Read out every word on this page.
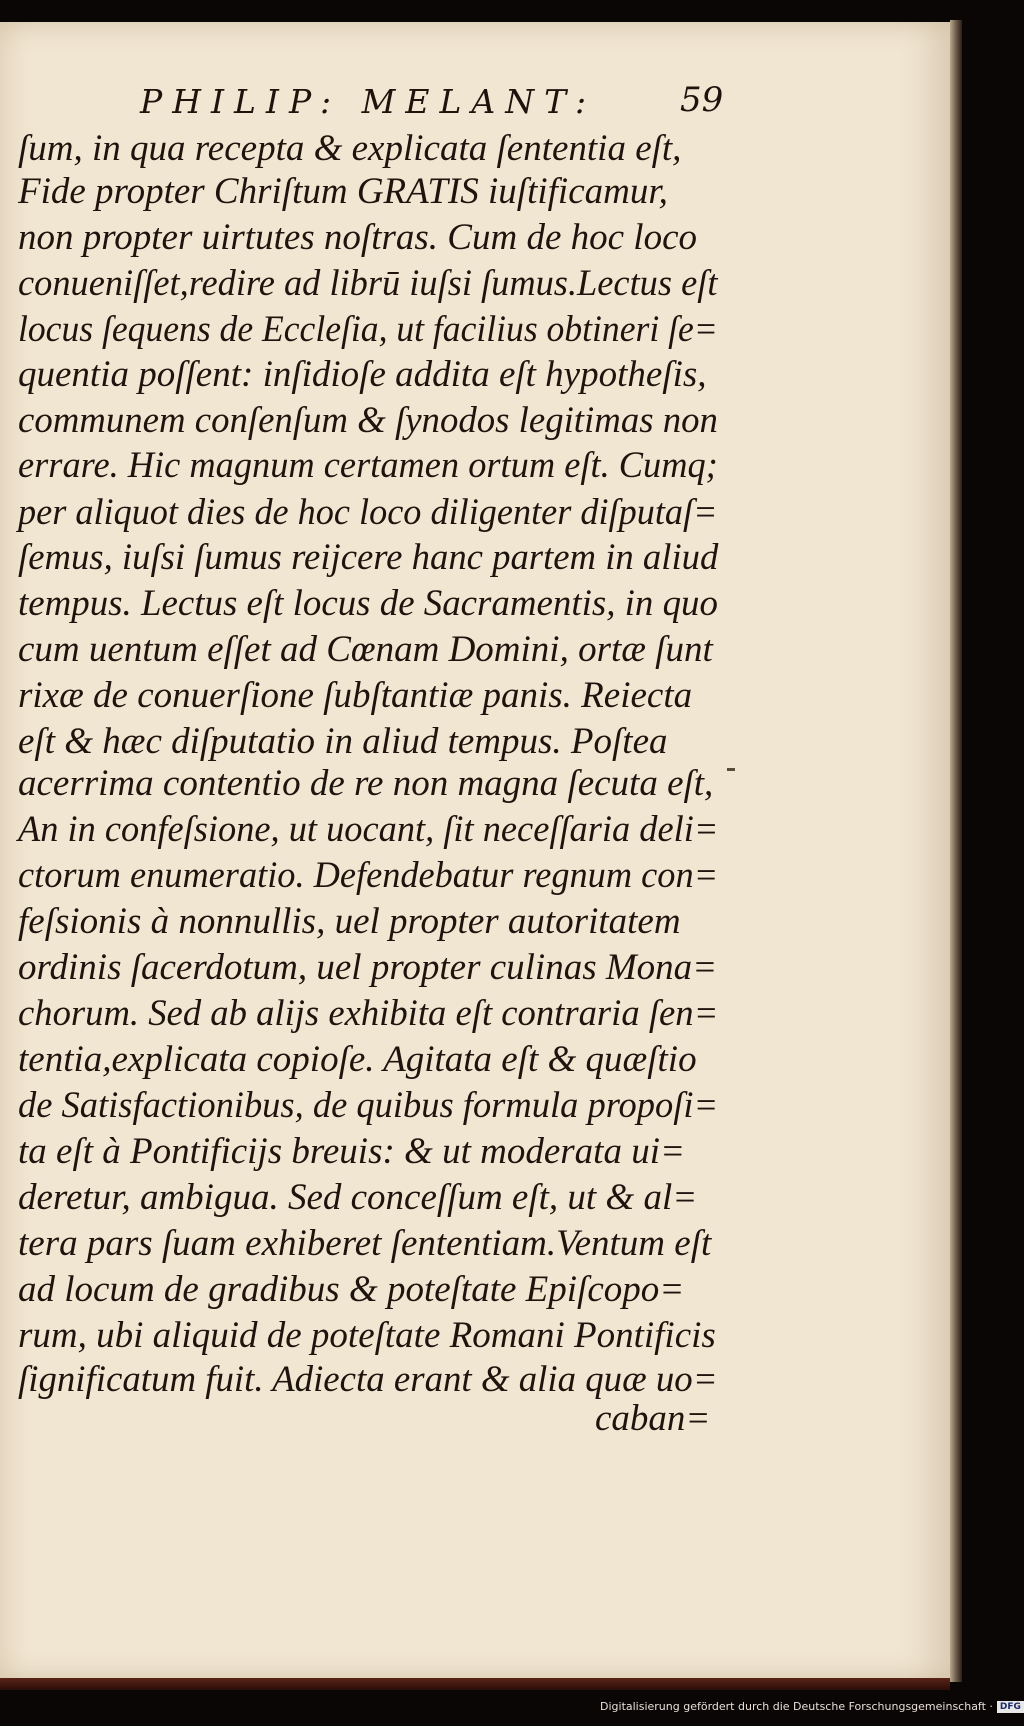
PHILIP: MELANT: 59
ſum, in qua recepta & explicata ſententia eſt,
Fide propter Chriſtum GRATIS iuſtificamur,
non propter uirtutes noſtras. Cum de hoc loco
conueniſſet,redire ad librū iuſsi ſumus.Lectus eſt
locus ſequens de Eccleſia, ut facilius obtineri ſe=
quentia poſſent: inſidioſe addita eſt hypotheſis,
communem conſenſum & ſynodos legitimas non
errare. Hic magnum certamen ortum eſt. Cumq;
per aliquot dies de hoc loco diligenter diſputaſ=
ſemus, iuſsi ſumus reijcere hanc partem in aliud
tempus. Lectus eſt locus de Sacramentis, in quo
cum uentum eſſet ad Cœnam Domini, ortæ ſunt
rixæ de conuerſione ſubſtantiæ panis. Reiecta
eſt & hæc diſputatio in aliud tempus. Poſtea
acerrima contentio de re non magna ſecuta eſt,
An in confeſsione, ut uocant, ſit neceſſaria deli=
ctorum enumeratio. Defendebatur regnum con=
feſsionis à nonnullis, uel propter autoritatem
ordinis ſacerdotum, uel propter culinas Mona=
chorum. Sed ab alijs exhibita eſt contraria ſen=
tentia,explicata copioſe. Agitata eſt & quæſtio
de Satisfactionibus, de quibus formula propoſi=
ta eſt à Pontificijs breuis: & ut moderata ui=
deretur, ambigua. Sed conceſſum eſt, ut & al=
tera pars ſuam exhiberet ſententiam.Ventum eſt
ad locum de gradibus & poteſtate Epiſcopo=
rum, ubi aliquid de poteſtate Romani Pontificis
ſignificatum fuit. Adiecta erant & alia quæ uo=
caban=
Digitalisierung gefördert durch die Deutsche Forschungsgemeinschaft · DFG
